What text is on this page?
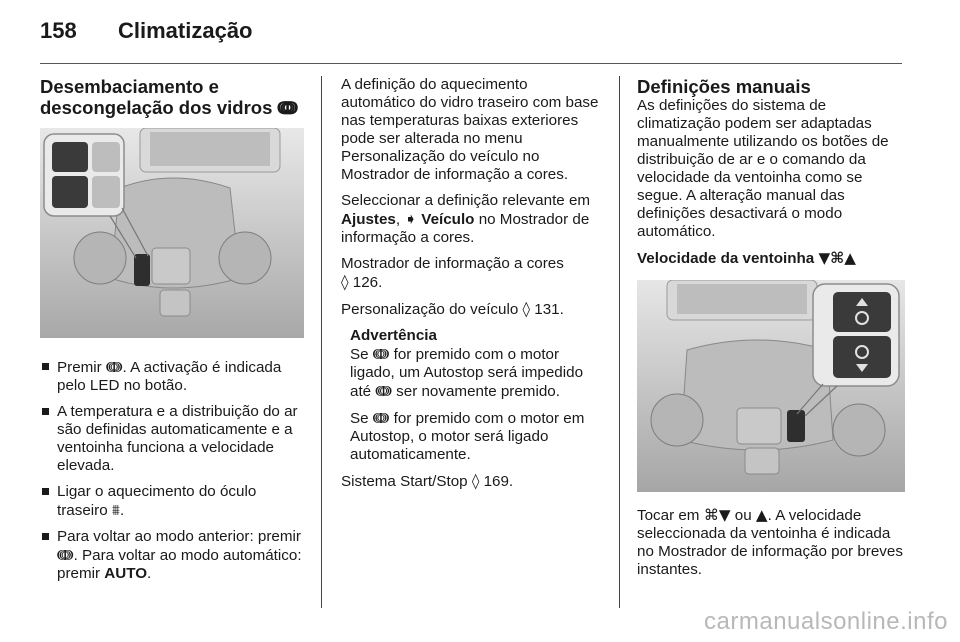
158 Climatização
Desembaciamento e descongelação dos vidros ↈ
Premir ↈ. A activação é indicada pelo LED no botão.
A temperatura e a distribuição do ar são definidas automaticamente e a ventoinha funciona a velocidade elevada.
Ligar o aquecimento do óculo traseiro ⩩.
Para voltar ao modo anterior: premir ↈ. Para voltar ao modo automático: premir AUTO.

A definição do aquecimento automático do vidro traseiro com base nas temperaturas baixas exteriores pode ser alterada no menu Personalização do veículo no Mostrador de informação a cores.

Seleccionar a definição relevante em Ajustes, ➧ Veículo no Mostrador de informação a cores.

Mostrador de informação a cores
◊ 126.

Personalização do veículo ◊ 131.

Advertência

Se ↈ for premido com o motor ligado, um Autostop será impedido até ↈ ser novamente premido.

Se ↈ for premido com o motor em Autostop, o motor será ligado automaticamente.

Sistema Start/Stop ◊ 169.

Definições manuais

As definições do sistema de climatização podem ser adaptadas manualmente utilizando os botões de distribuição de ar e o comando da velocidade da ventoinha como se segue. A alteração manual das definições desactivará o modo automático.

Velocidade da ventoinha ▼⌘▲

Tocar em ⌘▼ ou ▲. A velocidade seleccionada da ventoinha é indicada no Mostrador de informação por breves instantes.

carmanualsonline.info
